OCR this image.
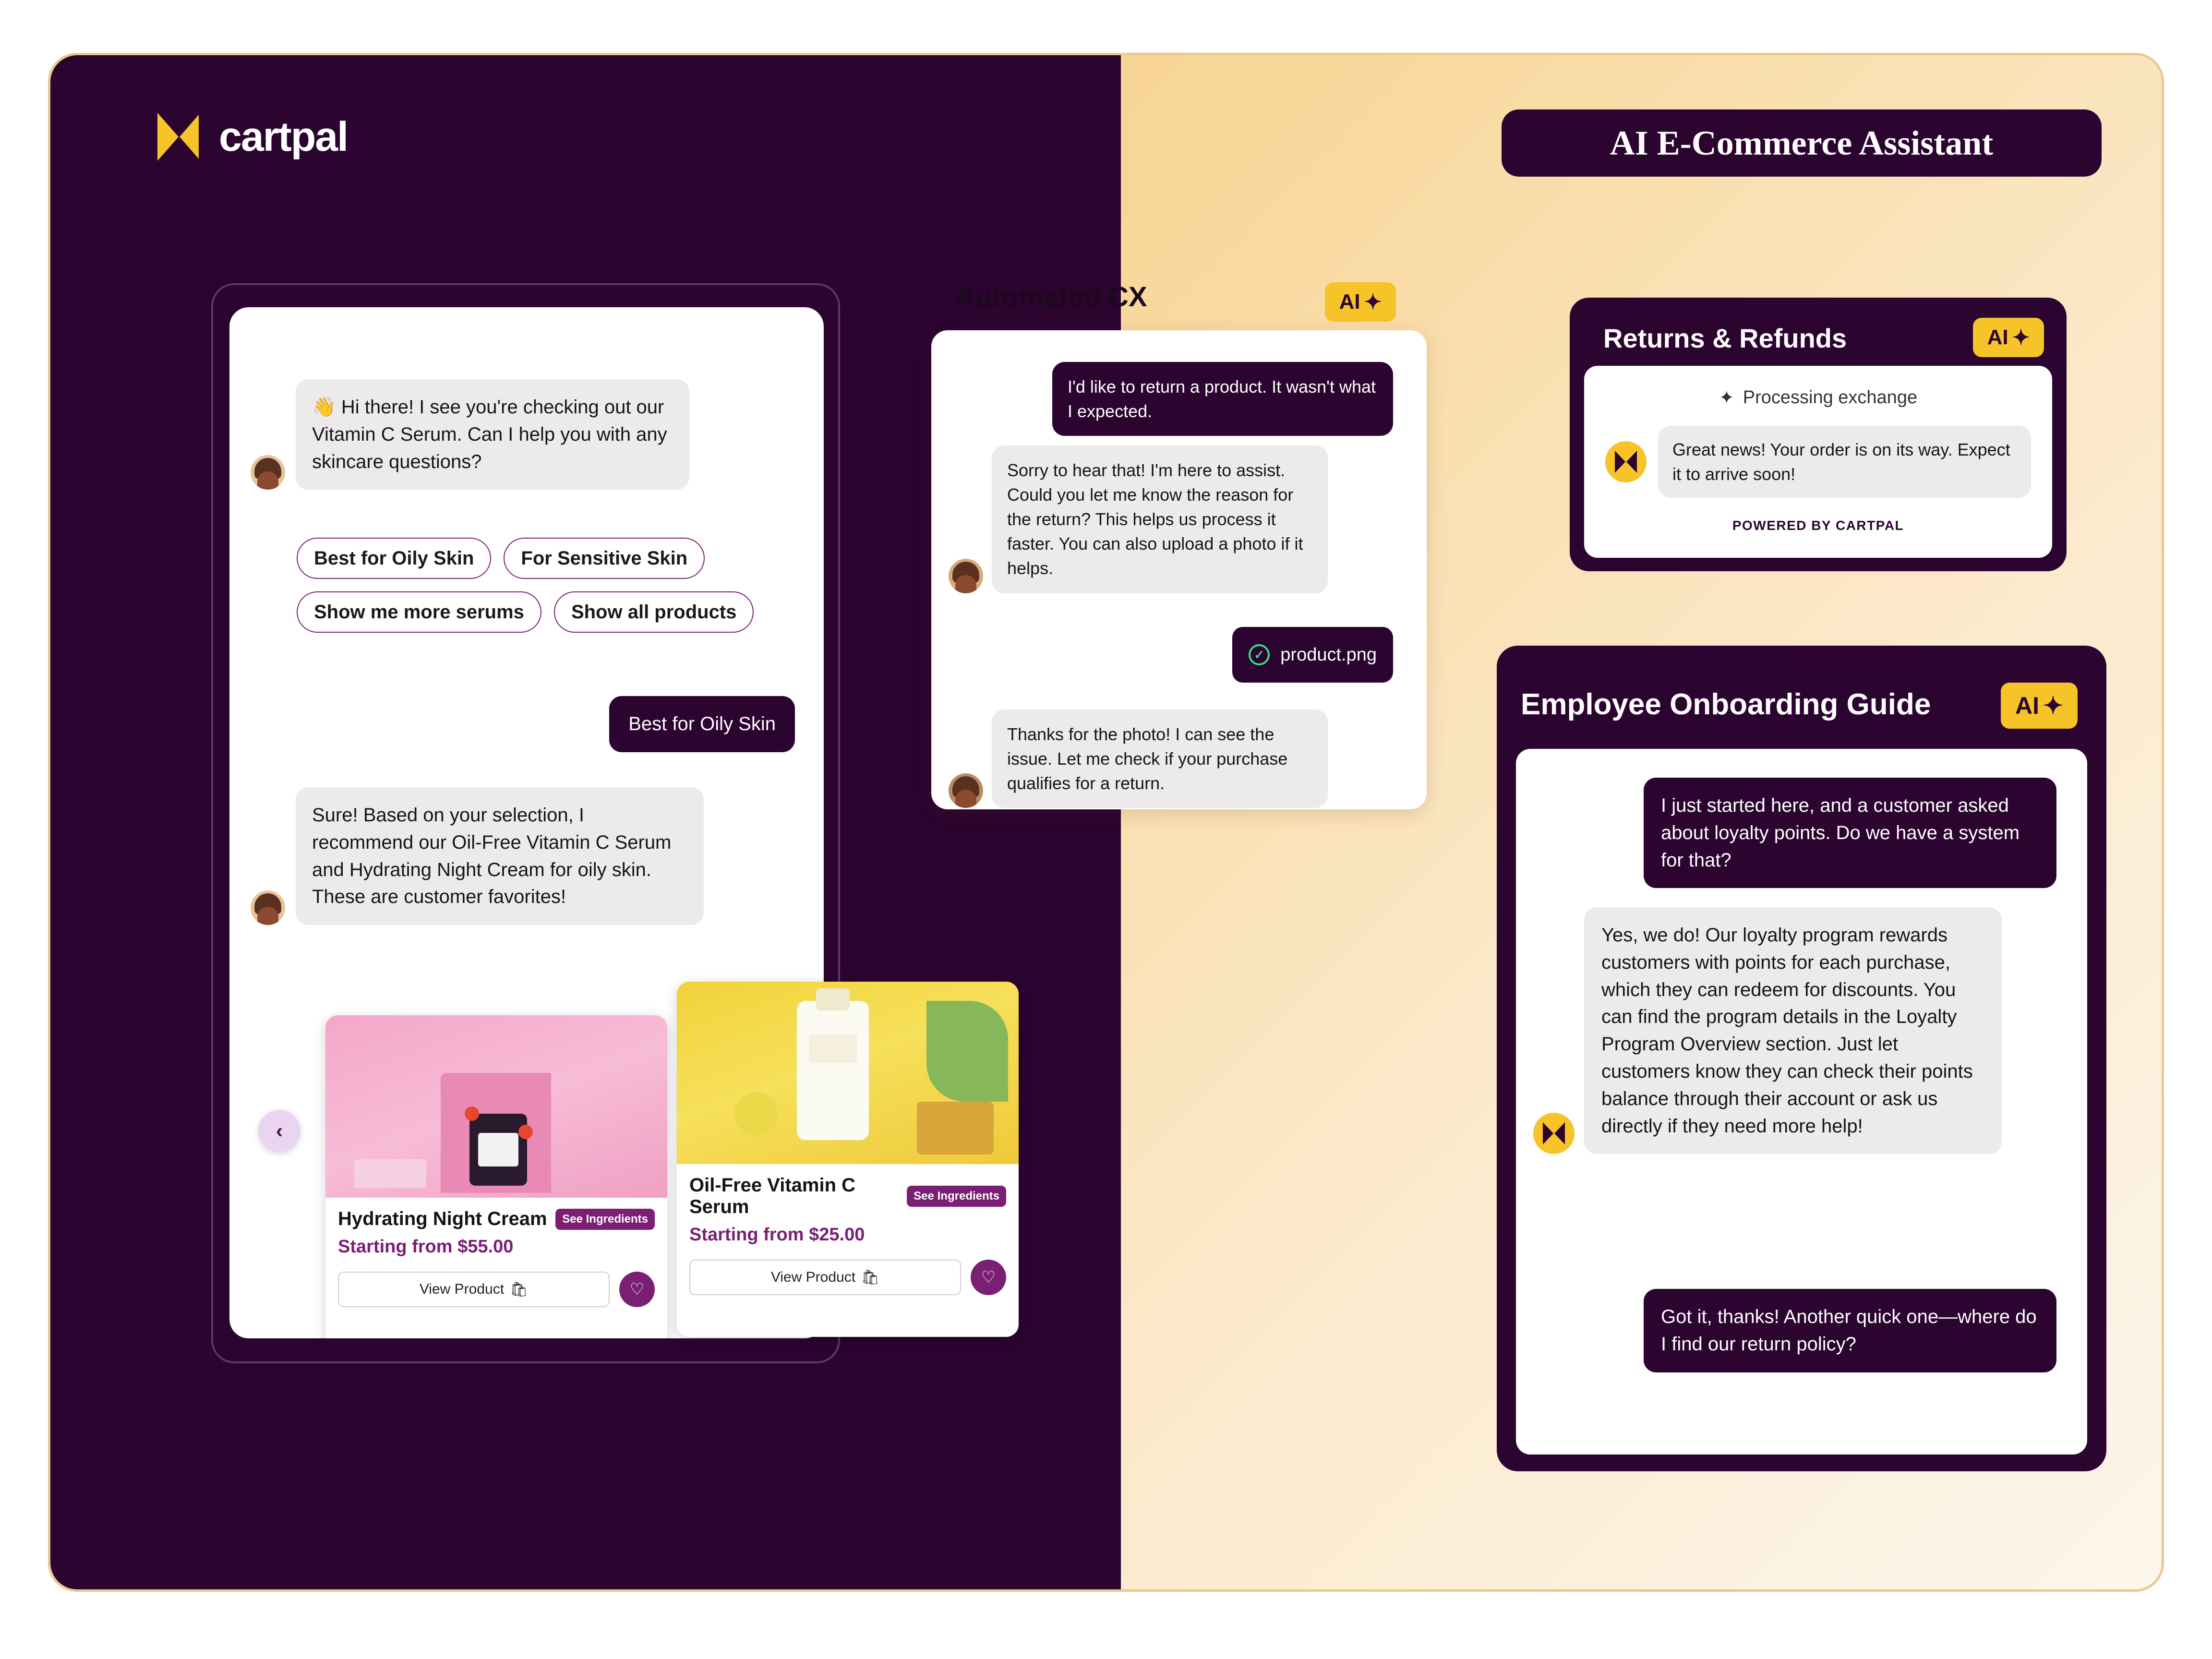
cartpal	AI E-Commerce Assistant
👋 Hi there! I see you're checking out our Vitamin C Serum. Can I help you with any skincare questions?
Best for Oily Skin	For Sensitive Skin
Show me more serums	Show all products
Best for Oily Skin
Sure! Based on your selection, I recommend our Oil-Free Vitamin C Serum and Hydrating Night Cream for oily skin. These are customer favorites!
Hydrating Night Cream	See Ingredients
Starting from $55.00
View Product 🛍	♡
Oil-Free Vitamin C Serum
See Ingredients
Starting from $25.00
View Product 🛍	♡
‹
Automated CX	AI ✦
I'd like to return a product. It wasn't what I expected.
Sorry to hear that! I'm here to assist. Could you let me know the reason for the return? This helps us process it faster. You can also upload a photo if it helps.
✓ product.png
Thanks for the photo! I can see the issue. Let me check if your purchase qualifies for a return.
Returns & Refunds	AI ✦
✦ Processing exchange
Great news! Your order is on its way. Expect it to arrive soon!
POWERED BY CARTPAL
Employee Onboarding Guide	AI ✦
I just started here, and a customer asked about loyalty points. Do we have a system for that?
Yes, we do! Our loyalty program rewards customers with points for each purchase, which they can redeem for discounts. You can find the program details in the Loyalty Program Overview section. Just let customers know they can check their points balance through their account or ask us directly if they need more help!
Got it, thanks! Another quick one—where do I find our return policy?
